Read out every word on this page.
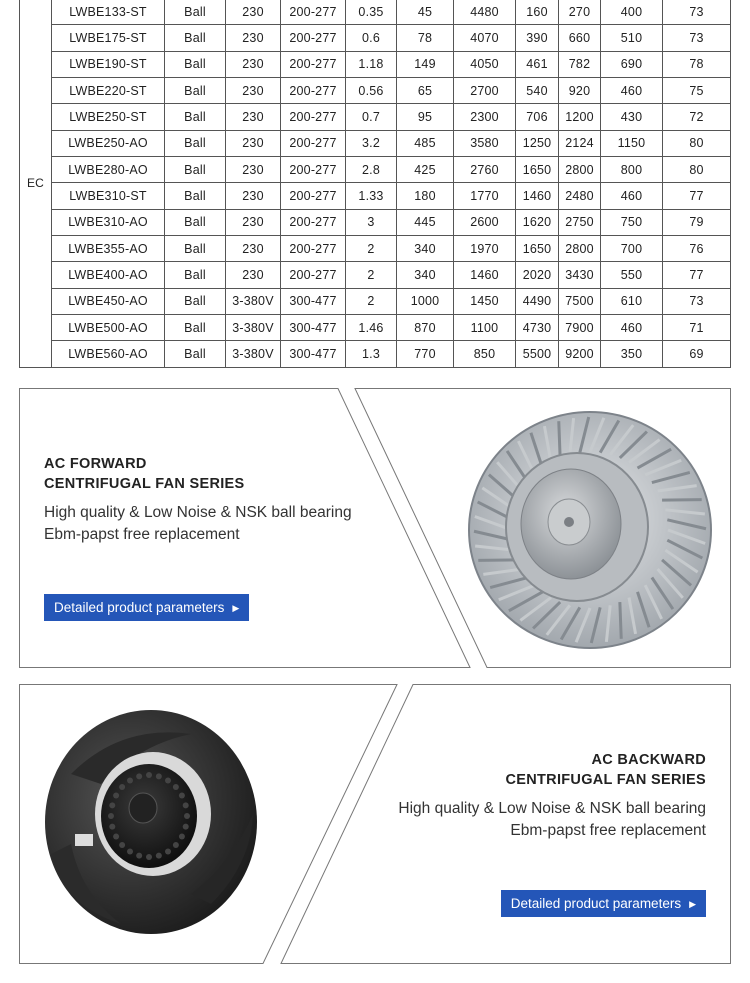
EC	LWBE133-ST	Ball	230	200-277	0.35	45	4480	160	270	400	73
	LWBE175-ST	Ball	230	200-277	0.6	78	4070	390	660	510	73
	LWBE190-ST	Ball	230	200-277	1.18	149	4050	461	782	690	78
	LWBE220-ST	Ball	230	200-277	0.56	65	2700	540	920	460	75
	LWBE250-ST	Ball	230	200-277	0.7	95	2300	706	1200	430	72
	LWBE250-AO	Ball	230	200-277	3.2	485	3580	1250	2124	1150	80
	LWBE280-AO	Ball	230	200-277	2.8	425	2760	1650	2800	800	80
	LWBE310-ST	Ball	230	200-277	1.33	180	1770	1460	2480	460	77
	LWBE310-AO	Ball	230	200-277	3	445	2600	1620	2750	750	79
	LWBE355-AO	Ball	230	200-277	2	340	1970	1650	2800	700	76
	LWBE400-AO	Ball	230	200-277	2	340	1460	2020	3430	550	77
	LWBE450-AO	Ball	3-380V	300-477	2	1000	1450	4490	7500	610	73
	LWBE500-AO	Ball	3-380V	300-477	1.46	870	1100	4730	7900	460	71
	LWBE560-AO	Ball	3-380V	300-477	1.3	770	850	5500	9200	350	69
AC FORWARD
CENTRIFUGAL FAN SERIES
High quality & Low Noise & NSK ball bearing
Ebm-papst free replacement
Detailed product parameters ▶
AC BACKWARD
CENTRIFUGAL FAN SERIES
High quality & Low Noise & NSK ball bearing
Ebm-papst free replacement
Detailed product parameters ▶
